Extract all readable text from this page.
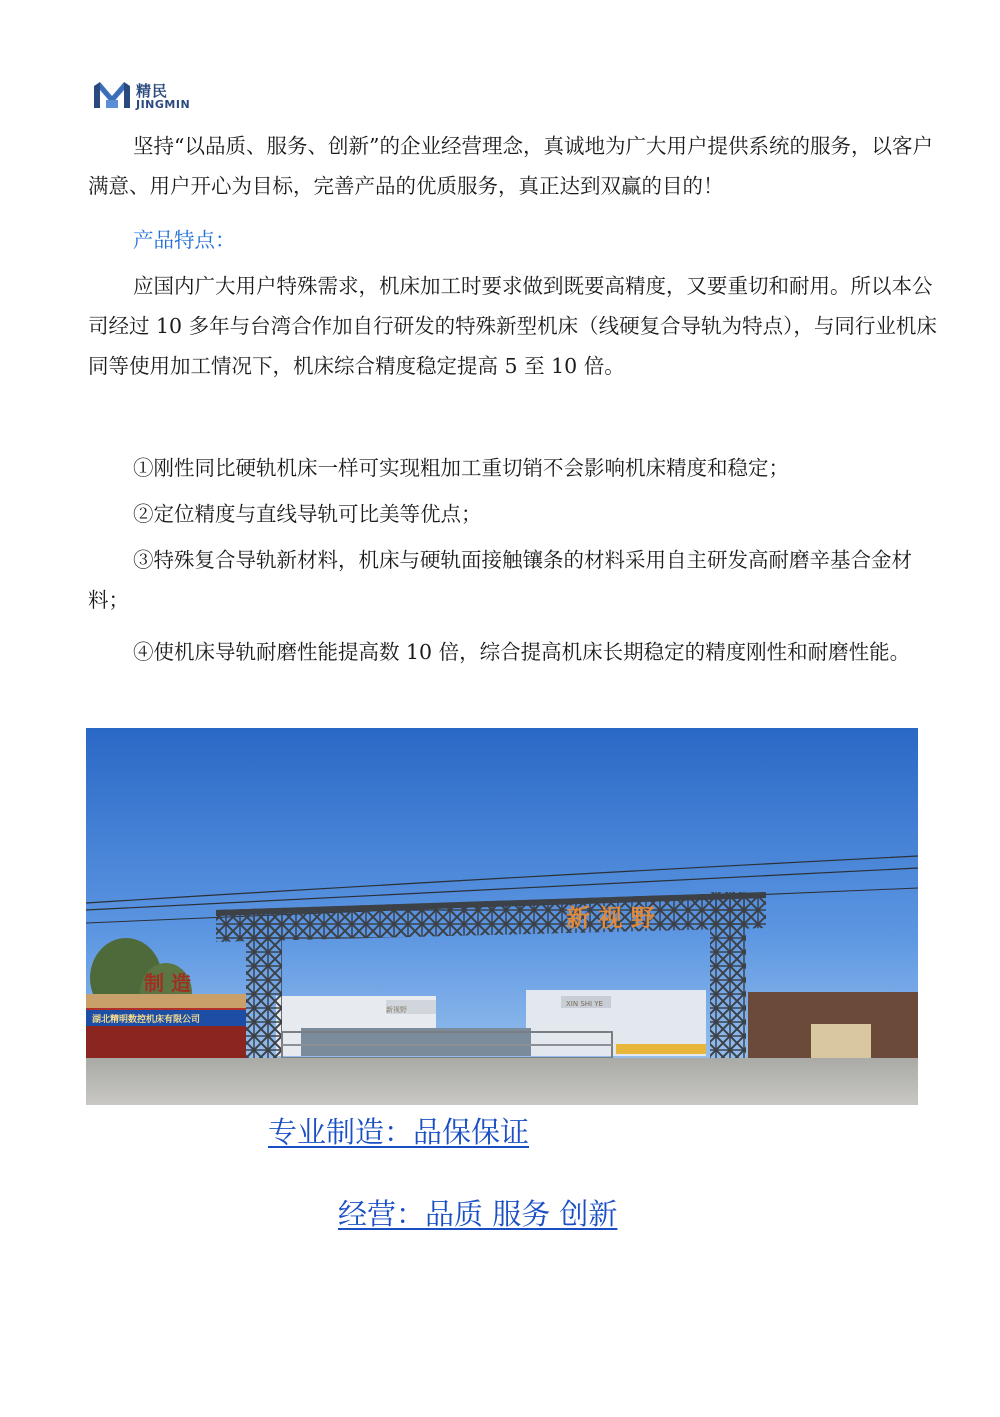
精民
JINGMIN

坚持“以品质、服务、创新”的企业经营理念，真诚地为广大用户提供系统的服务，以客户满意、用户开心为目标，完善产品的优质服务，真正达到双赢的目的！

产品特点：

应国内广大用户特殊需求，机床加工时要求做到既要高精度，又要重切和耐用。所以本公司经过 10 多年与台湾合作加自行研发的特殊新型机床（线硬复合导轨为特点），与同行业机床同等使用加工情况下，机床综合精度稳定提高 5 至 10 倍。

①刚性同比硬轨机床一样可实现粗加工重切销不会影响机床精度和稳定；

②定位精度与直线导轨可比美等优点；

③特殊复合导轨新材料，机床与硬轨面接触镶条的材料采用自主研发高耐磨辛基合金材料；

④使机床导轨耐磨性能提高数 10 倍，综合提高机床长期稳定的精度刚性和耐磨性能。

新 视 野
制 造
湖北精明数控机床有限公司
新视野
XIN SHI YE
专业制造：品保保证
经营：品质 服务 创新
